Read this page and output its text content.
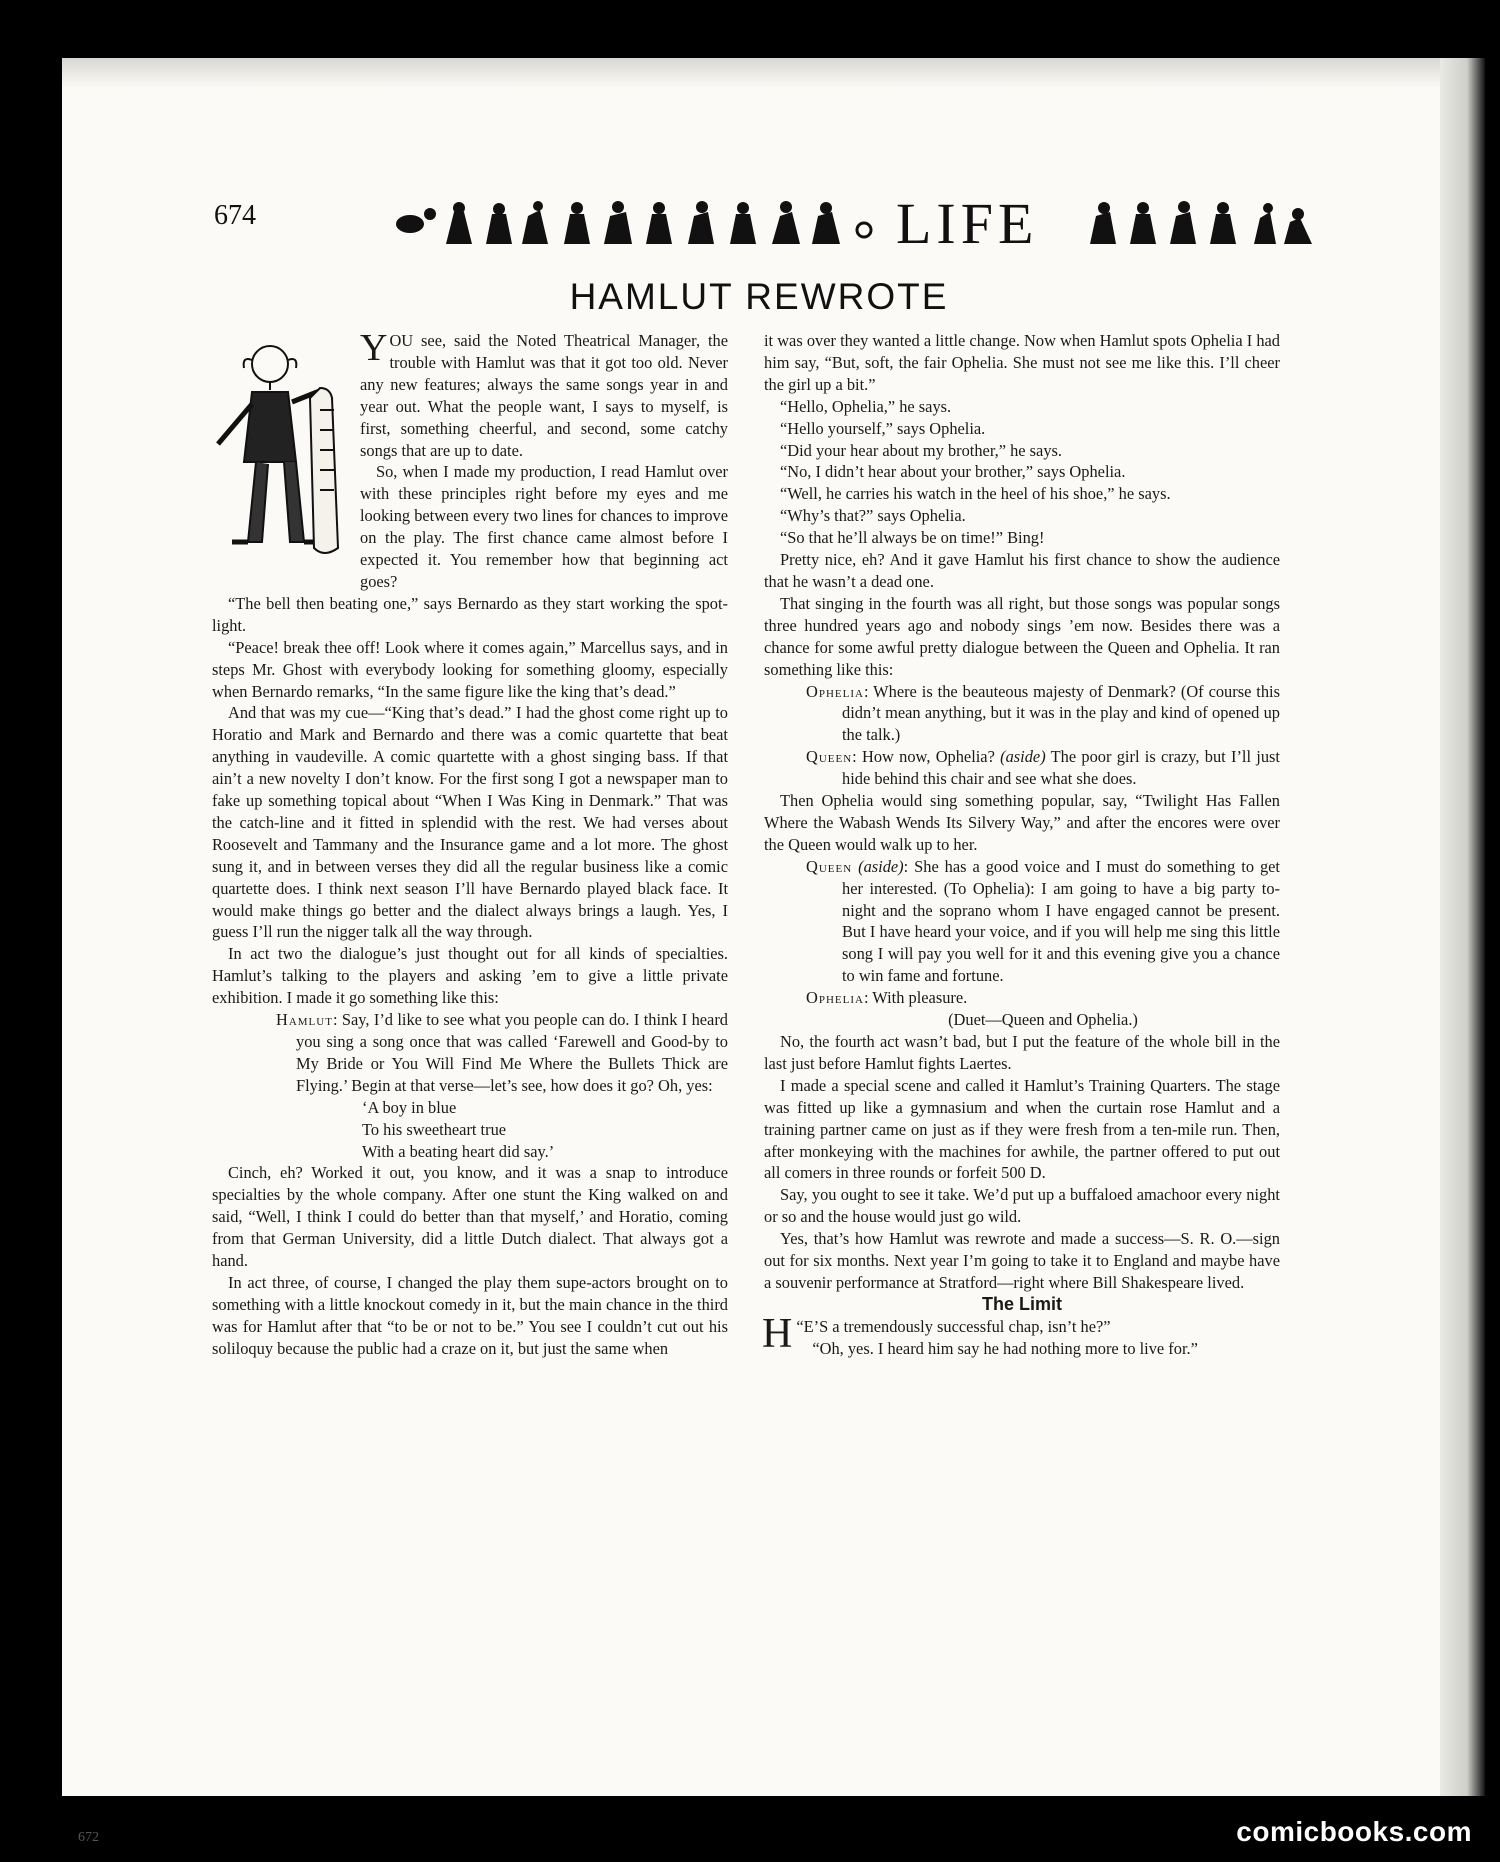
672
674	LIFE
HAMLUT REWROTE

YOU see, said the Noted Theatrical Manager, the trouble with Hamlut was that it got too old. Never any new features; always the same songs year in and year out. What the people want, I says to myself, is first, something cheerful, and second, some catchy songs that are up to date.

So, when I made my production, I read Hamlut over with these principles right before my eyes and me looking between every two lines for chances to improve on the play. The first chance came almost before I expected it. You remember how that beginning act goes?

“The bell then beating one,” says Bernardo as they start working the spot-light.

“Peace! break thee off! Look where it comes again,” Marcellus says, and in steps Mr. Ghost with everybody looking for something gloomy, especially when Bernardo remarks, “In the same figure like the king that’s dead.”

And that was my cue—“King that’s dead.” I had the ghost come right up to Horatio and Mark and Bernardo and there was a comic quartette that beat anything in vaudeville. A comic quartette with a ghost singing bass. If that ain’t a new novelty I don’t know. For the first song I got a newspaper man to fake up something topical about “When I Was King in Denmark.” That was the catch-line and it fitted in splendid with the rest. We had verses about Roosevelt and Tammany and the Insurance game and a lot more. The ghost sung it, and in between verses they did all the regular business like a comic quartette does. I think next season I’ll have Bernardo played black face. It would make things go better and the dialect always brings a laugh. Yes, I guess I’ll run the nigger talk all the way through.

In act two the dialogue’s just thought out for all kinds of specialties. Hamlut’s talking to the players and asking ’em to give a little private exhibition. I made it go something like this:

Hamlut: Say, I’d like to see what you people can do. I think I heard you sing a song once that was called ‘Farewell and Good-by to My Bride or You Will Find Me Where the Bullets Thick are Flying.’ Begin at that verse—let’s see, how does it go? Oh, yes:

‘A boy in blue
To his sweetheart true
With a beating heart did say.’

Cinch, eh? Worked it out, you know, and it was a snap to introduce specialties by the whole company. After one stunt the King walked on and said, “Well, I think I could do better than that myself,’ and Horatio, coming from that German University, did a little Dutch dialect. That always got a hand.

In act three, of course, I changed the play them supe-actors brought on to something with a little knockout comedy in it, but the main chance in the third was for Hamlut after that “to be or not to be.” You see I couldn’t cut out his soliloquy because the public had a craze on it, but just the same when

it was over they wanted a little change. Now when Hamlut spots Ophelia I had him say, “But, soft, the fair Ophelia. She must not see me like this. I’ll cheer the girl up a bit.”

“Hello, Ophelia,” he says.

“Hello yourself,” says Ophelia.

“Did your hear about my brother,” he says.

“No, I didn’t hear about your brother,” says Ophelia.

“Well, he carries his watch in the heel of his shoe,” he says.

“Why’s that?” says Ophelia.

“So that he’ll always be on time!” Bing!

Pretty nice, eh? And it gave Hamlut his first chance to show the audience that he wasn’t a dead one.

That singing in the fourth was all right, but those songs was popular songs three hundred years ago and nobody sings ’em now. Besides there was a chance for some awful pretty dialogue between the Queen and Ophelia. It ran something like this:

Ophelia: Where is the beauteous majesty of Denmark? (Of course this didn’t mean anything, but it was in the play and kind of opened up the talk.)

Queen: How now, Ophelia? (aside) The poor girl is crazy, but I’ll just hide behind this chair and see what she does.

Then Ophelia would sing something popular, say, “Twilight Has Fallen Where the Wabash Wends Its Silvery Way,” and after the encores were over the Queen would walk up to her.

Queen (aside): She has a good voice and I must do something to get her interested. (To Ophelia): I am going to have a big party to-night and the soprano whom I have engaged cannot be present. But I have heard your voice, and if you will help me sing this little song I will pay you well for it and this evening give you a chance to win fame and fortune.

Ophelia: With pleasure.

(Duet—Queen and Ophelia.)

No, the fourth act wasn’t bad, but I put the feature of the whole bill in the last just before Hamlut fights Laertes.

I made a special scene and called it Hamlut’s Training Quarters. The stage was fitted up like a gymnasium and when the curtain rose Hamlut and a training partner came on just as if they were fresh from a ten-mile run. Then, after monkeying with the machines for awhile, the partner offered to put out all comers in three rounds or forfeit 500 D.

Say, you ought to see it take. We’d put up a buffaloed amachoor every night or so and the house would just go wild.

Yes, that’s how Hamlut was rewrote and made a success—S. R. O.—sign out for six months. Next year I’m going to take it to England and maybe have a souvenir performance at Stratford—right where Bill Shakespeare lived.

The Limit

“
H E’S a tremendously successful chap, isn’t he?”

“Oh, yes. I heard him say he had nothing more to live for.”

comicbooks.com
